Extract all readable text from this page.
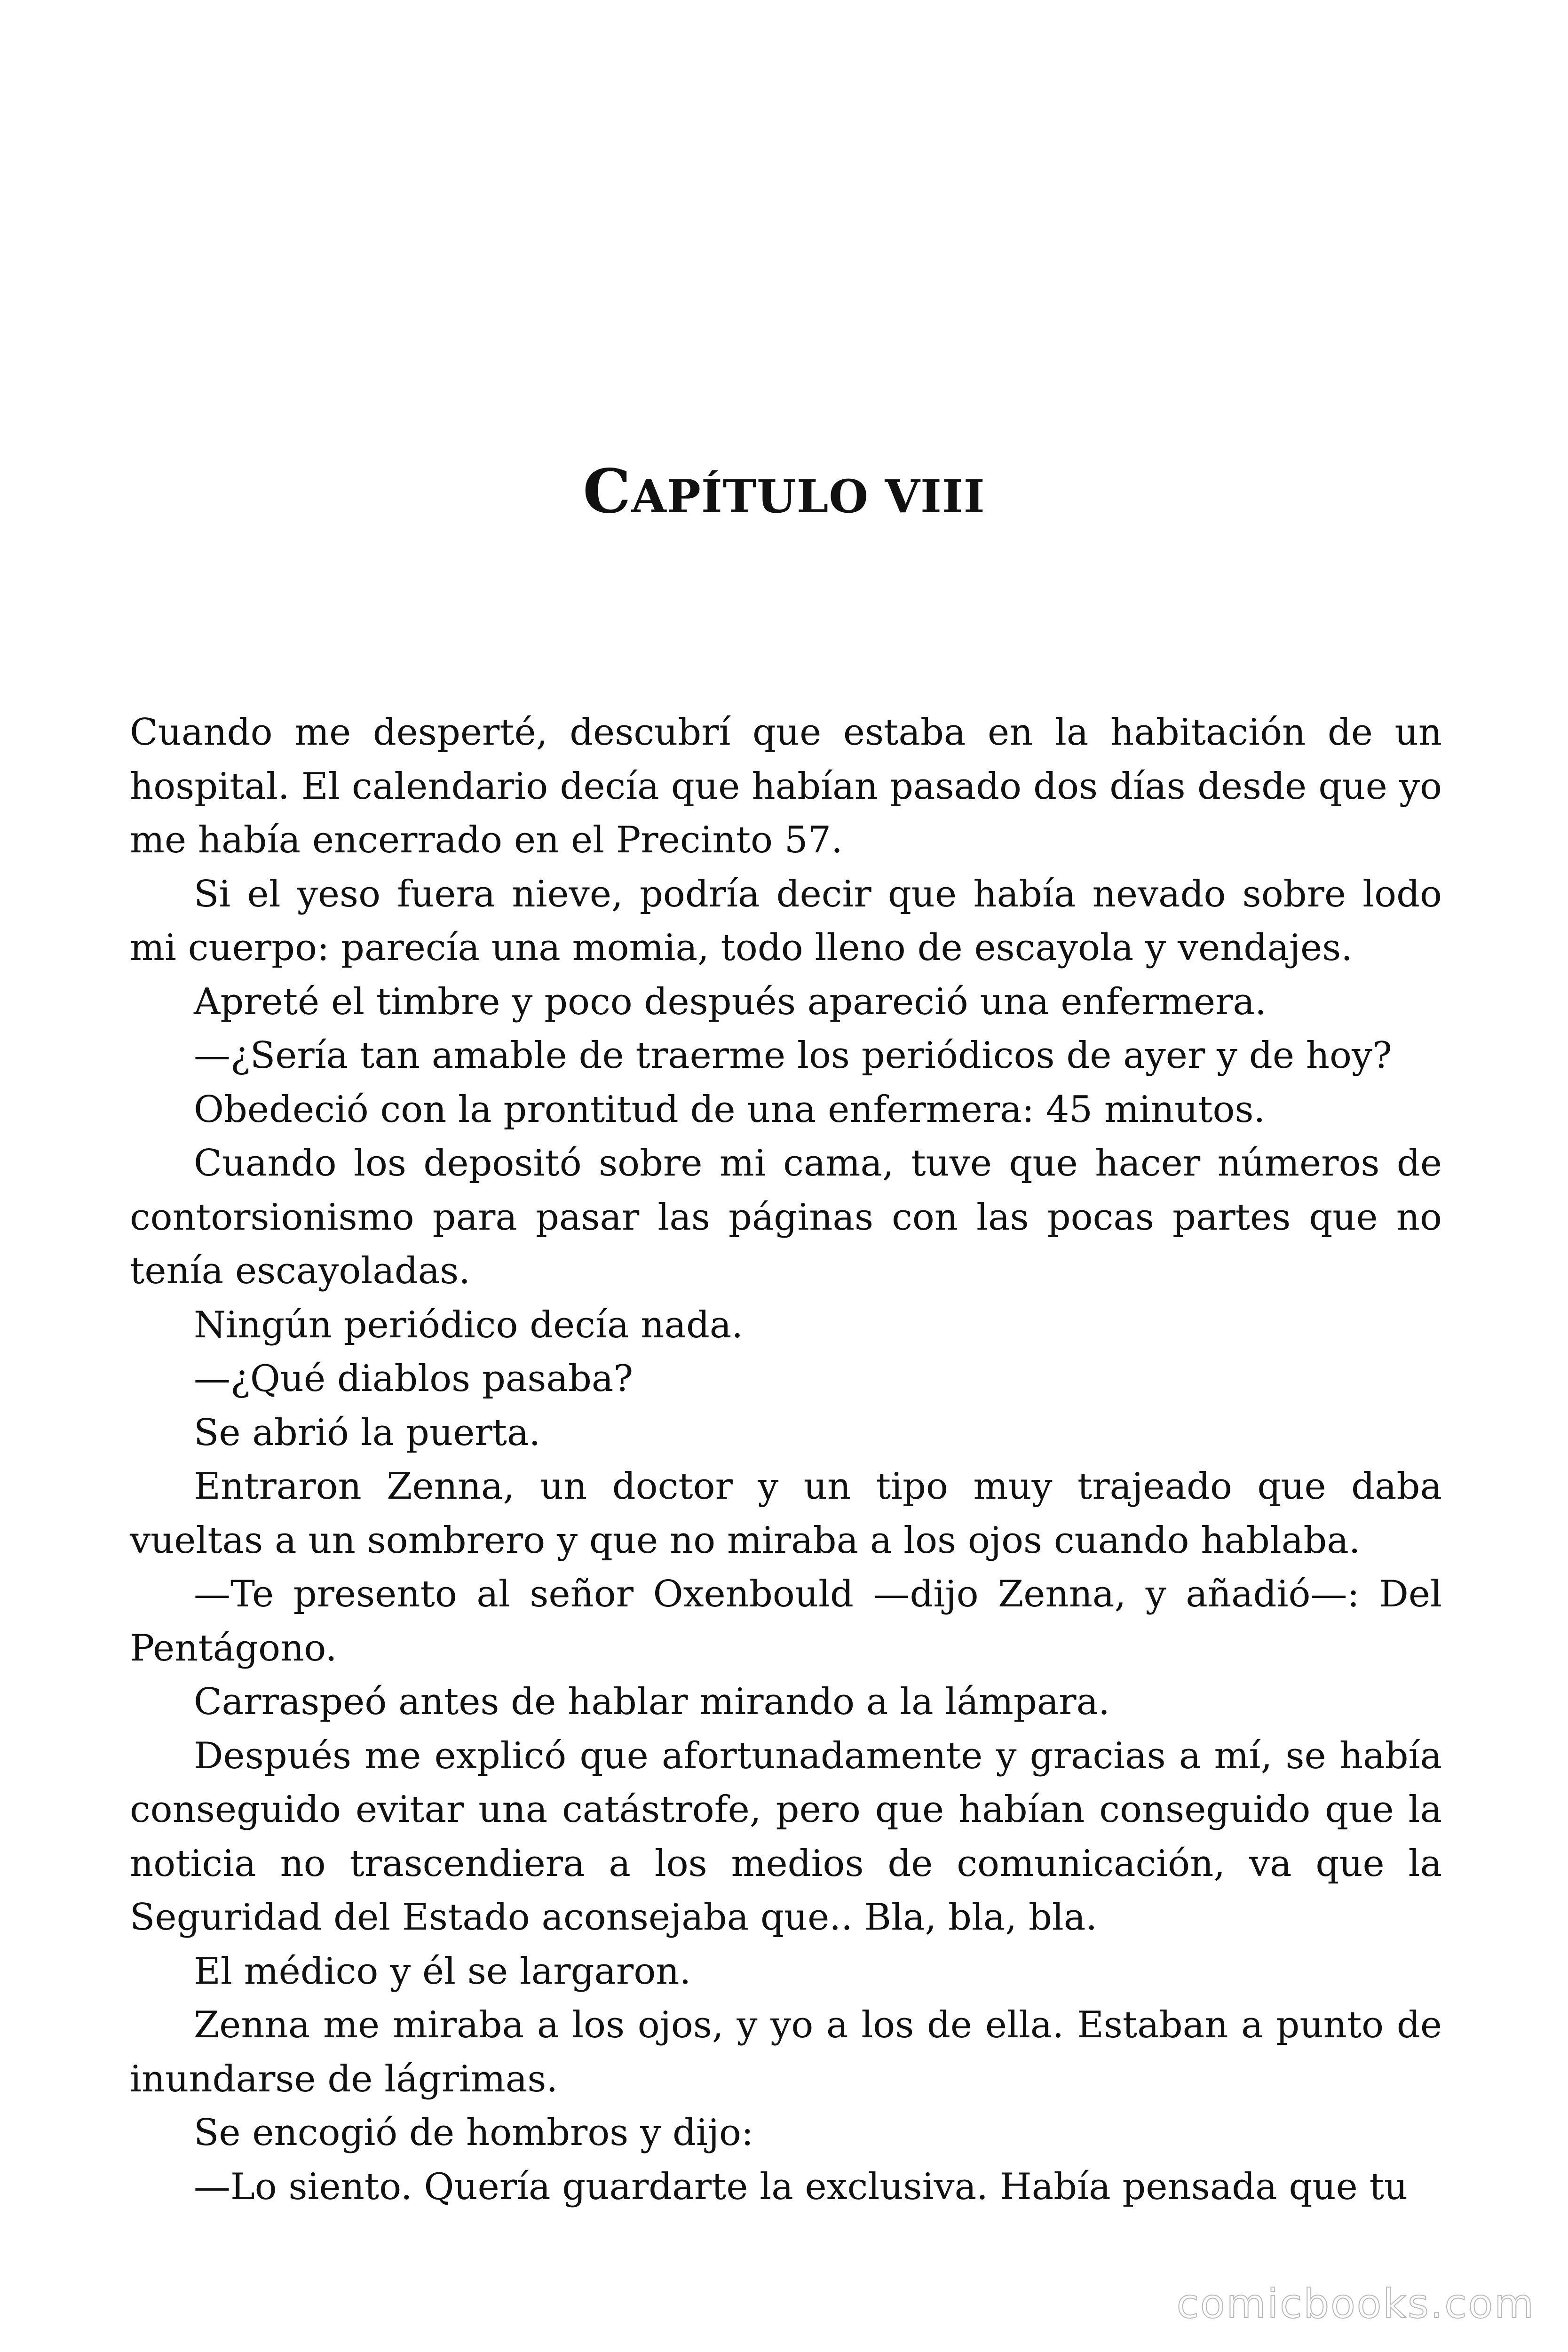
CAPÍTULO VIII

Cuando me desperté, descubrí que estaba en la habitación de un hospital. El calendario decía que habían pasado dos días desde que yo me había encerrado en el Precinto 57.

Si el yeso fuera nieve, podría decir que había nevado sobre lodo mi cuerpo: parecía una momia, todo lleno de escayola y vendajes.

Apreté el timbre y poco después apareció una enfermera.

—¿Sería tan amable de traerme los periódicos de ayer y de hoy?

Obedeció con la prontitud de una enfermera: 45 minutos.

Cuando los depositó sobre mi cama, tuve que hacer números de contorsionismo para pasar las páginas con las pocas partes que no tenía escayoladas.

Ningún periódico decía nada.

—¿Qué diablos pasaba?

Se abrió la puerta.

Entraron Zenna, un doctor y un tipo muy trajeado que daba vueltas a un sombrero y que no miraba a los ojos cuando hablaba.

—Te presento al señor Oxenbould —dijo Zenna, y añadió—: Del Pentágono.

Carraspeó antes de hablar mirando a la lámpara.

Después me explicó que afortunadamente y gracias a mí, se había conseguido evitar una catástrofe, pero que habían conseguido que la noticia no trascendiera a los medios de comunicación, va que la Seguridad del Estado aconsejaba que.. Bla, bla, bla.

El médico y él se largaron.

Zenna me miraba a los ojos, y yo a los de ella. Estaban a punto de inundarse de lágrimas.

Se encogió de hombros y dijo:

—Lo siento. Quería guardarte la exclusiva. Había pensada que tu

comicbooks.com
